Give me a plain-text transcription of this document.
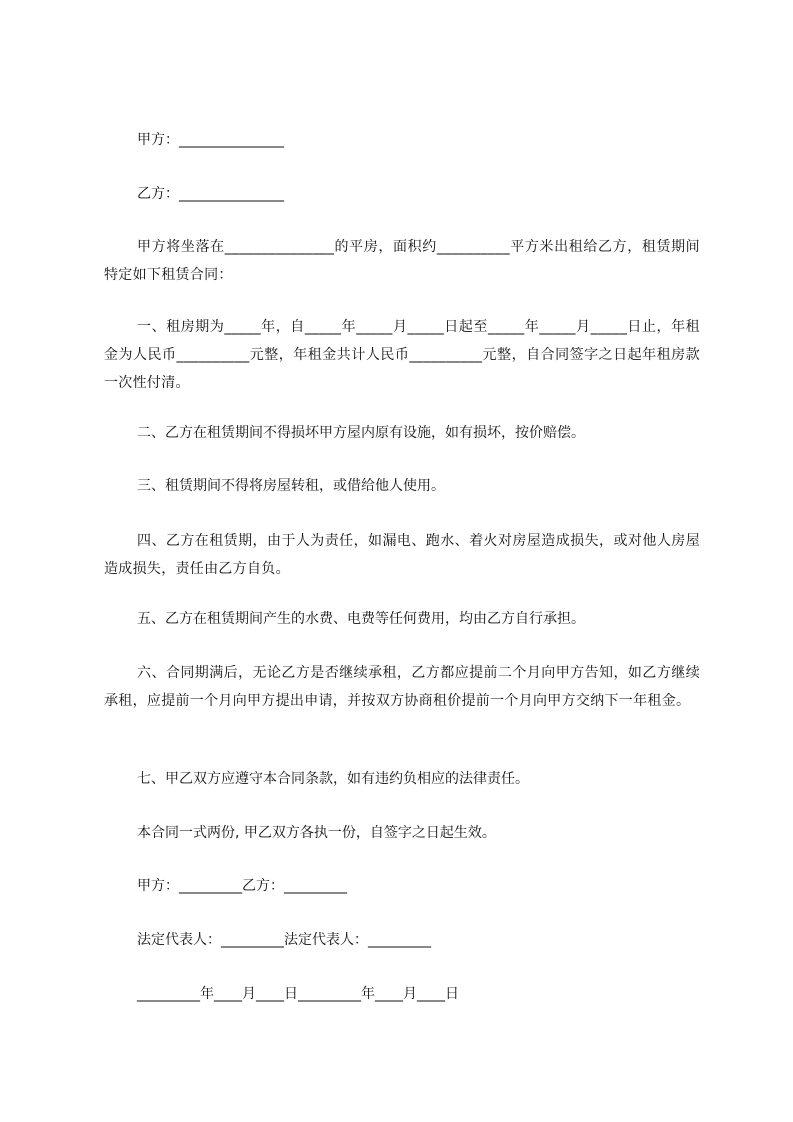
甲方：_______________
乙方：_______________
甲方将坐落在_______________的平房，面积约__________平方米出租给乙方，租赁期间特定如下租赁合同：
一、租房期为_____年，自_____年_____月_____日起至_____年_____月_____日止，年租金为人民币__________元整，年租金共计人民币__________元整，自合同签字之日起年租房款一次性付清。
二、乙方在租赁期间不得损坏甲方屋内原有设施，如有损坏，按价赔偿。
三、租赁期间不得将房屋转租，或借给他人使用。
四、乙方在租赁期，由于人为责任，如漏电、跑水、着火对房屋造成损失，或对他人房屋造成损失，责任由乙方自负。
五、乙方在租赁期间产生的水费、电费等任何费用，均由乙方自行承担。
六、合同期满后，无论乙方是否继续承租，乙方都应提前二个月向甲方告知，如乙方继续承租，应提前一个月向甲方提出申请，并按双方协商租价提前一个月向甲方交纳下一年租金。
七、甲乙双方应遵守本合同条款，如有违约负相应的法律责任。
本合同一式两份, 甲乙双方各执一份，自签字之日起生效。
甲方：_________乙方：_________
法定代表人：_________法定代表人：_________
_________年____月____日_________年____月____日
